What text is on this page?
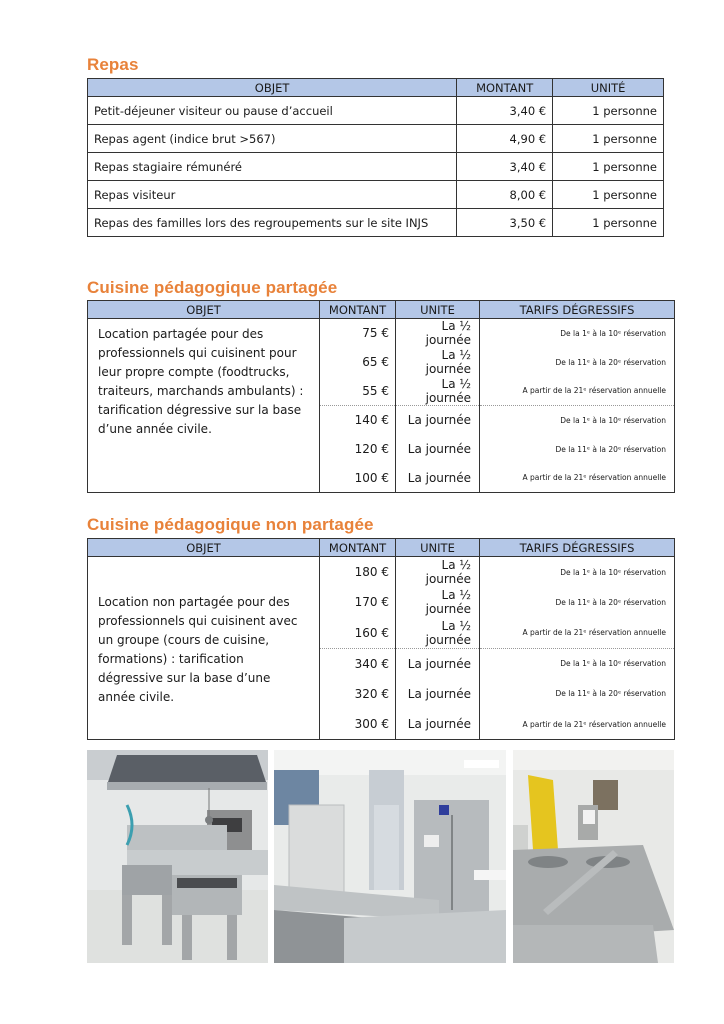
Repas
OBJET	MONTANT	UNITÉ
Petit-déjeuner visiteur ou pause d’accueil	3,40 €	1 personne
Repas agent (indice brut >567)	4,90 €	1 personne
Repas stagiaire rémunéré	3,40 €	1 personne
Repas visiteur	8,00 €	1 personne
Repas des familles lors des regroupements sur le site INJS	3,50 €	1 personne
Cuisine pédagogique partagée
OBJET	MONTANT	UNITE	TARIFS DÉGRESSIFS
Location partagée pour des professionnels qui cuisinent pour leur propre compte (foodtrucks, traiteurs, marchands ambulants) : tarification dégressive sur la base d’une année civile.	75 €	La ½ journée	De la 1ᵉ à la 10ᵉ réservation
	65 €	La ½ journée	De la 11ᵉ à la 20ᵉ réservation
	55 €	La ½ journée	A partir de la 21ᵉ réservation annuelle
	140 €	La journée	De la 1ᵉ à la 10ᵉ réservation
	120 €	La journée	De la 11ᵉ à la 20ᵉ réservation
	100 €	La journée	A partir de la 21ᵉ réservation annuelle
Cuisine pédagogique non partagée
OBJET	MONTANT	UNITE	TARIFS DÉGRESSIFS
Location non partagée pour des professionnels qui cuisinent avec un groupe (cours de cuisine, formations) : tarification dégressive sur la base d’une année civile.	180 €	La ½ journée	De la 1ᵉ à la 10ᵉ réservation
	170 €	La ½ journée	De la 11ᵉ à la 20ᵉ réservation
	160 €	La ½ journée	A partir de la 21ᵉ réservation annuelle
	340 €	La journée	De la 1ᵉ à la 10ᵉ réservation
	320 €	La journée	De la 11ᵉ à la 20ᵉ réservation
	300 €	La journée	A partir de la 21ᵉ réservation annuelle
